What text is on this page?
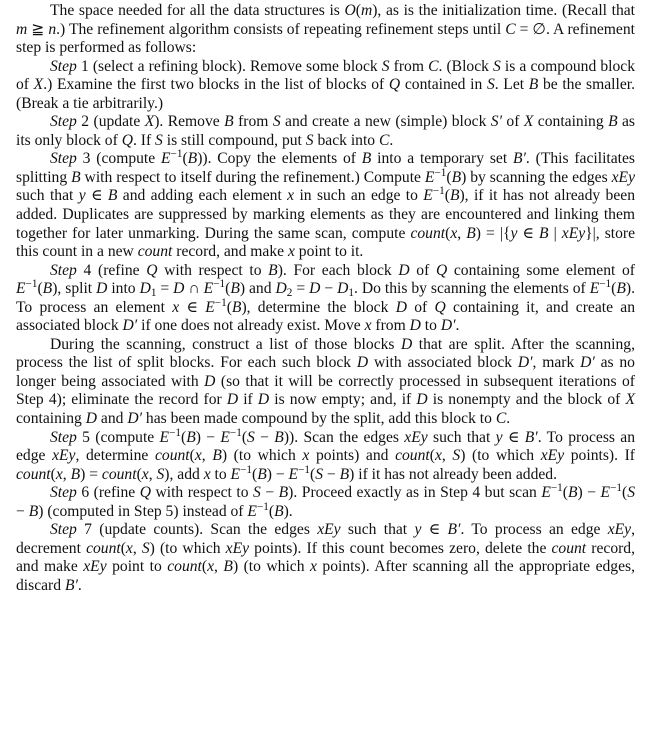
The space needed for all the data structures is O(m), as is the initialization time. (Recall that m ≧ n.) The refinement algorithm consists of repeating refinement steps until C = ∅. A refinement step is performed as follows:

Step 1 (select a refining block). Remove some block S from C. (Block S is a compound block of X.) Examine the first two blocks in the list of blocks of Q contained in S. Let B be the smaller. (Break a tie arbitrarily.)

Step 2 (update X). Remove B from S and create a new (simple) block S′ of X containing B as its only block of Q. If S is still compound, put S back into C.

Step 3 (compute $E^{-1}(B)$). Copy the elements of B into a temporary set B′. (This facilitates splitting B with respect to itself during the refinement.) Compute $E^{-1}(B)$ by scanning the edges xEy such that y ∈ B and adding each element x in such an edge to $E^{-1}(B)$, if it has not already been added. Duplicates are suppressed by marking elements as they are encountered and linking them together for later unmarking. During the same scan, compute count(x, B) = |{y ∈ B | xEy}|, store this count in a new count record, and make x point to it.

Step 4 (refine Q with respect to B). For each block D of Q containing some element of $E^{-1}(B)$, split D into $D_1 = D$ ∩ $E^{-1}(B)$ and $D_2 = D - D_1$. Do this by scanning the elements of $E^{-1}(B)$. To process an element x ∈ $E^{-1}(B)$, determine the block D of Q containing it, and create an associated block D′ if one does not already exist. Move x from D to D′.

During the scanning, construct a list of those blocks D that are split. After the scanning, process the list of split blocks. For each such block D with associated block D′, mark D′ as no longer being associated with D (so that it will be correctly processed in subsequent iterations of Step 4); eliminate the record for D if D is now empty; and, if D is nonempty and the block of X containing D and D′ has been made compound by the split, add this block to C.

Step 5 (compute $E^{-1}(B) - E^{-1}(S - B)$). Scan the edges xEy such that y ∈ B′. To process an edge xEy, determine count(x, B) (to which x points) and count(x, S) (to which xEy points). If count(x, B) = count(x, S), add x to $E^{-1}(B) - E^{-1}(S - B)$ if it has not already been added.

Step 6 (refine Q with respect to S − B). Proceed exactly as in Step 4 but scan $E^{-1}(B) - E^{-1}(S - B)$ (computed in Step 5) instead of $E^{-1}(B)$.

Step 7 (update counts). Scan the edges xEy such that y ∈ B′. To process an edge xEy, decrement count(x, S) (to which xEy points). If this count becomes zero, delete the count record, and make xEy point to count(x, B) (to which x points). After scanning all the appropriate edges, discard B′.
